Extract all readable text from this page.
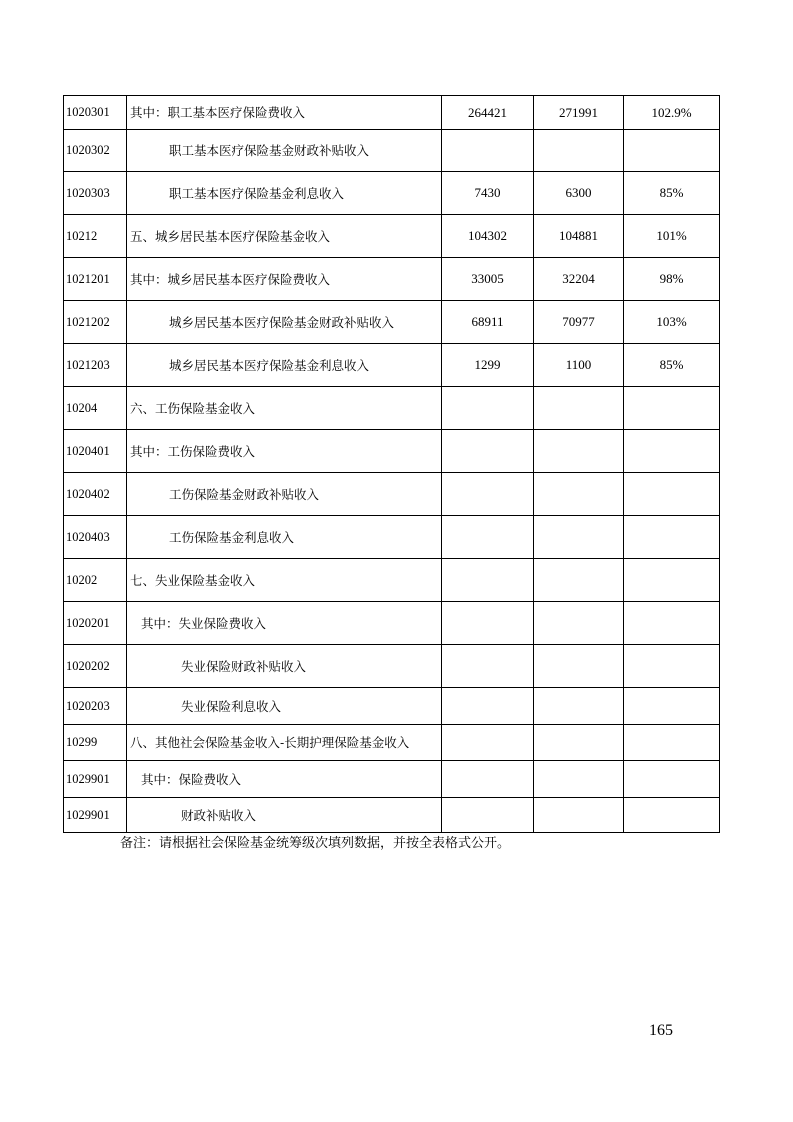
1020301	其中：职工基本医疗保险费收入	264421	271991	102.9%
1020302	职工基本医疗保险基金财政补贴收入			
1020303	职工基本医疗保险基金利息收入	7430	6300	85%
10212	五、城乡居民基本医疗保险基金收入	104302	104881	101%
1021201	其中：城乡居民基本医疗保险费收入	33005	32204	98%
1021202	城乡居民基本医疗保险基金财政补贴收入	68911	70977	103%
1021203	城乡居民基本医疗保险基金利息收入	1299	1100	85%
10204	六、工伤保险基金收入			
1020401	其中：工伤保险费收入			
1020402	工伤保险基金财政补贴收入			
1020403	工伤保险基金利息收入			
10202	七、失业保险基金收入			
1020201	其中：失业保险费收入			
1020202	失业保险财政补贴收入			
1020203	失业保险利息收入			
10299	八、其他社会保险基金收入-长期护理保险基金收入			
1029901	其中：保险费收入			
1029901	财政补贴收入			
备注：请根据社会保险基金统筹级次填列数据，并按全表格式公开。
165
